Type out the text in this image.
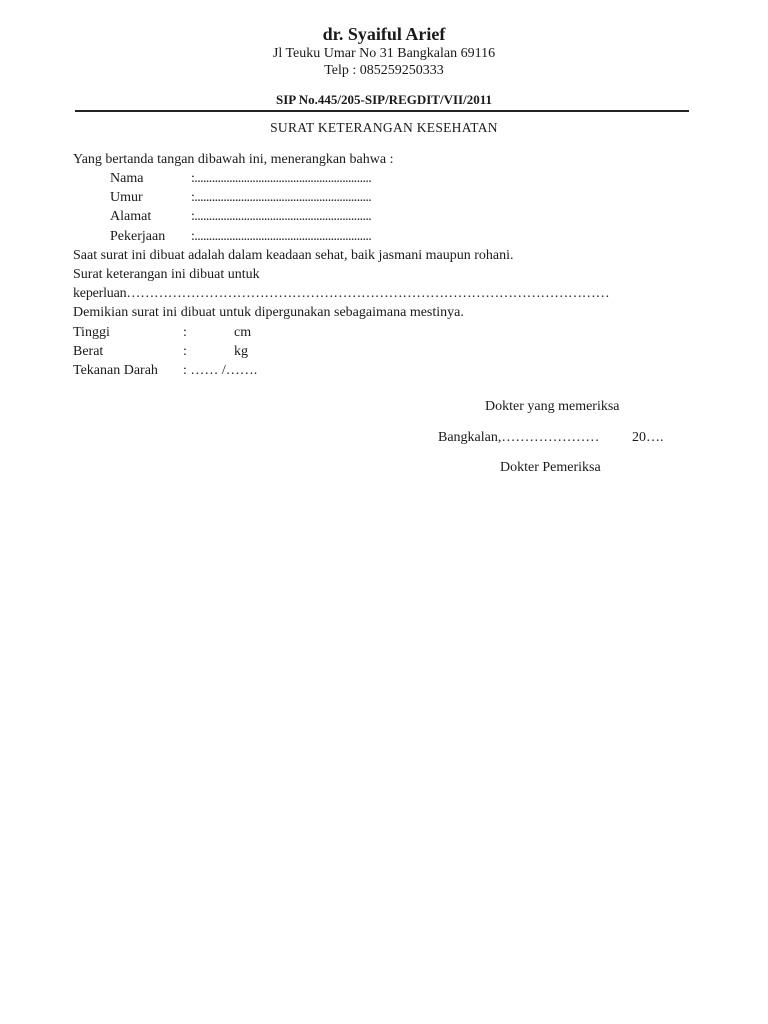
dr. Syaiful Arief
Jl Teuku Umar No 31 Bangkalan 69116
Telp : 085259250333
SIP No.445/205-SIP/REGDIT/VII/2011
SURAT KETERANGAN KESEHATAN
Yang bertanda tangan dibawah ini, menerangkan bahwa :
Nama	:.............................................................
Umur	:.............................................................
Alamat	:.............................................................
Pekerjaan :.............................................................
Saat surat ini dibuat adalah dalam keadaan sehat, baik jasmani maupun rohani.
Surat keterangan ini dibuat untuk
keperluan……………………………………………………………………………………………
Demikian surat ini dibuat untuk dipergunakan sebagaimana mestinya.
Tinggi	:	cm
Berat	:	kg
Tekanan Darah : …… /…….
Dokter yang memeriksa
Bangkalan,………………… 20….
Dokter Pemeriksa
